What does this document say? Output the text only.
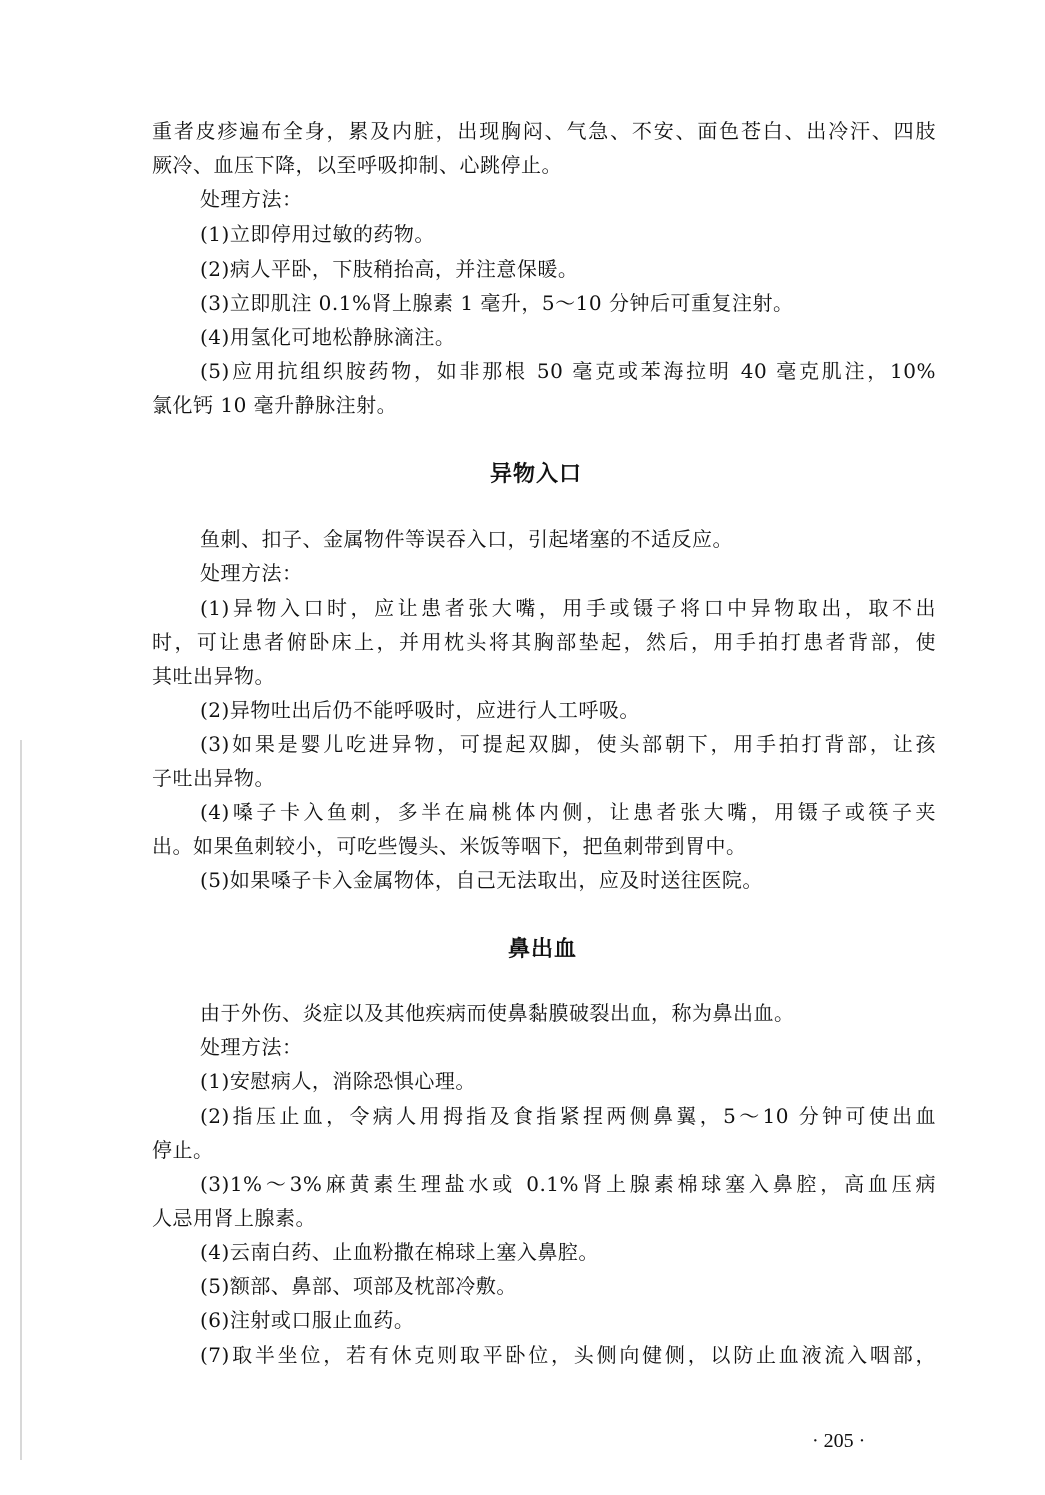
重者皮疹遍布全身，累及内脏，出现胸闷、气急、不安、面色苍白、出冷汗、四肢
厥冷、血压下降，以至呼吸抑制、心跳停止。
处理方法：
(1)立即停用过敏的药物。
(2)病人平卧，下肢稍抬高，并注意保暖。
(3)立即肌注 0.1%肾上腺素 1 毫升，5～10 分钟后可重复注射。
(4)用氢化可地松静脉滴注。
(5)应用抗组织胺药物，如非那根 50 毫克或苯海拉明 40 毫克肌注，10%
氯化钙 10 毫升静脉注射。
异物入口
鱼刺、扣子、金属物件等误吞入口，引起堵塞的不适反应。
处理方法：
(1)异物入口时，应让患者张大嘴，用手或镊子将口中异物取出，取不出
时，可让患者俯卧床上，并用枕头将其胸部垫起，然后，用手拍打患者背部，使
其吐出异物。
(2)异物吐出后仍不能呼吸时，应进行人工呼吸。
(3)如果是婴儿吃进异物，可提起双脚，使头部朝下，用手拍打背部，让孩
子吐出异物。
(4)嗓子卡入鱼刺，多半在扁桃体内侧，让患者张大嘴，用镊子或筷子夹
出。如果鱼刺较小，可吃些馒头、米饭等咽下，把鱼刺带到胃中。
(5)如果嗓子卡入金属物体，自己无法取出，应及时送往医院。
鼻出血
由于外伤、炎症以及其他疾病而使鼻黏膜破裂出血，称为鼻出血。
处理方法：
(1)安慰病人，消除恐惧心理。
(2)指压止血，令病人用拇指及食指紧捏两侧鼻翼，5～10 分钟可使出血
停止。
(3)1%～3%麻黄素生理盐水或 0.1%肾上腺素棉球塞入鼻腔，高血压病
人忌用肾上腺素。
(4)云南白药、止血粉撒在棉球上塞入鼻腔。
(5)额部、鼻部、项部及枕部冷敷。
(6)注射或口服止血药。
(7)取半坐位，若有休克则取平卧位，头侧向健侧，以防止血液流入咽部，
· 205 ·
